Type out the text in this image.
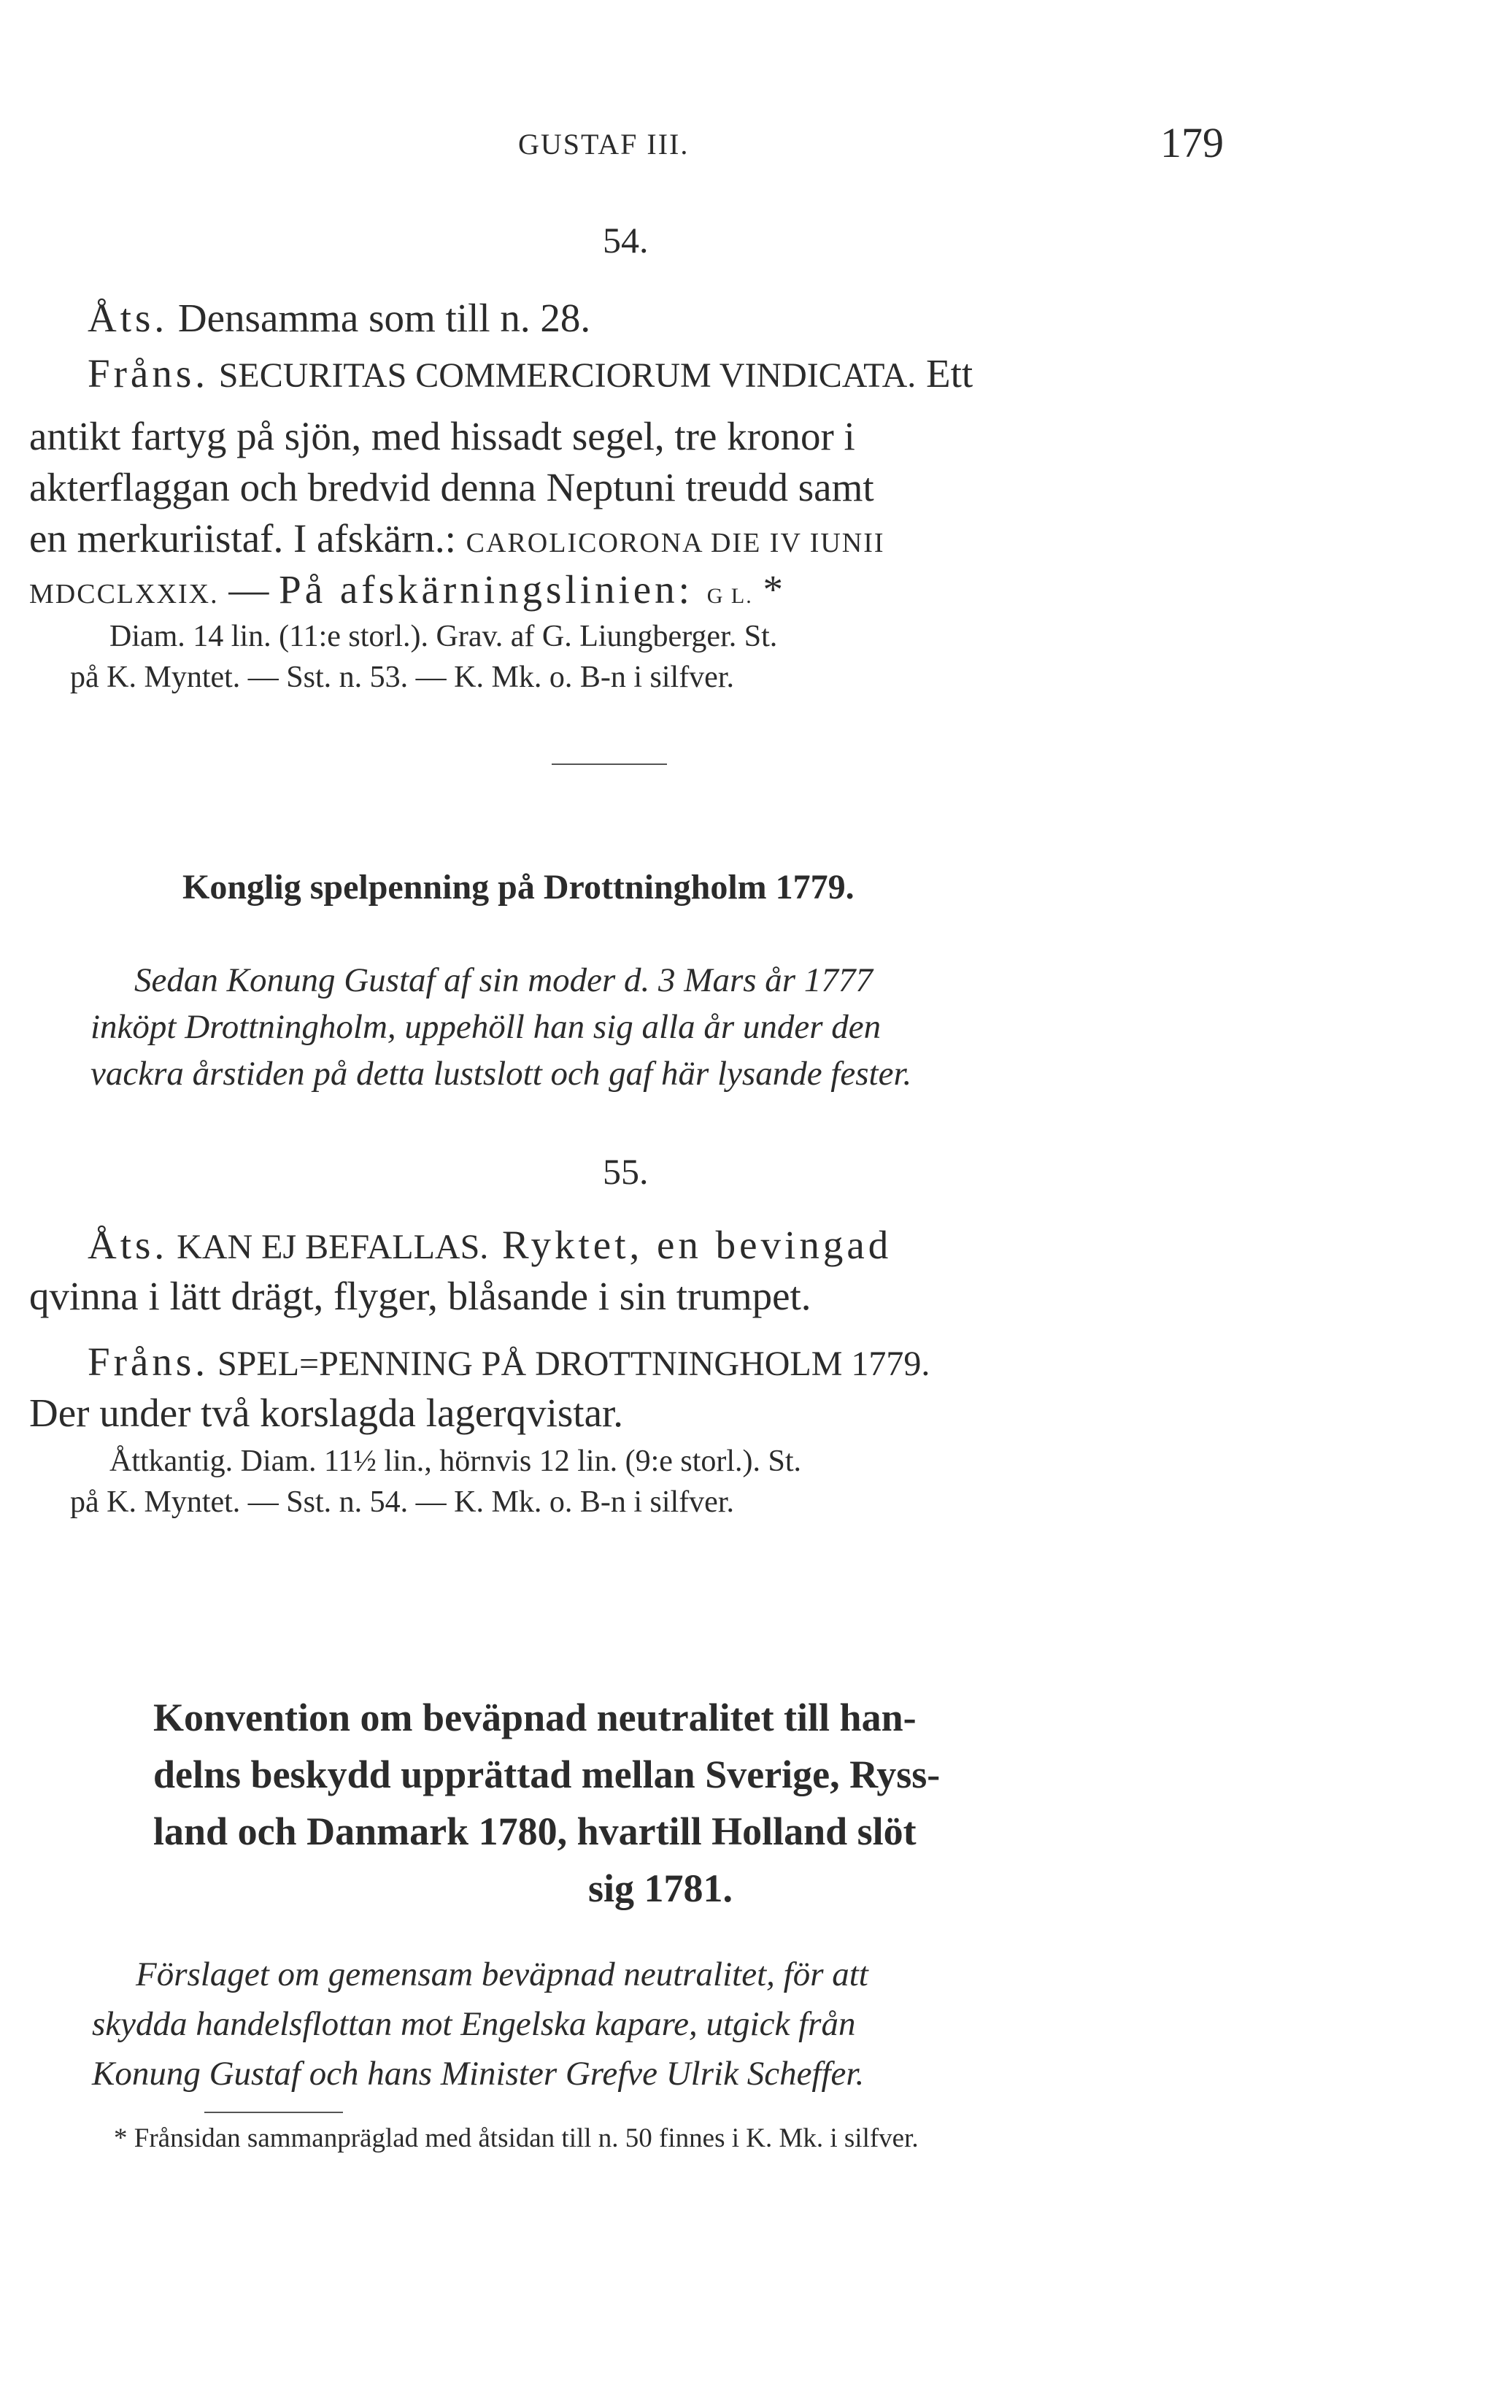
GUSTAF III.	179
54.
Åts. Densamma som till n. 28.
Fråns. SECURITAS COMMERCIORUM VINDICATA. Ett
antikt fartyg på sjön, med hissadt segel, tre kronor i
akterflaggan och bredvid denna Neptuni treudd samt
en merkuriistaf. I afskärn.: CAROLICORONA DIE IV IUNII
MDCCLXXIX. — På afskärningslinien: G L. *
Diam. 14 lin. (11:e storl.). Grav. af G. Liungberger. St.
på K. Myntet. — Sst. n. 53. — K. Mk. o. B-n i silfver.
Konglig spelpenning på Drottningholm 1779.
Sedan Konung Gustaf af sin moder d. 3 Mars år 1777
inköpt Drottningholm, uppehöll han sig alla år under den
vackra årstiden på detta lustslott och gaf här lysande fester.
55.
Åts. KAN EJ BEFALLAS. Ryktet, en bevingad
qvinna i lätt drägt, flyger, blåsande i sin trumpet.
Fråns. SPEL=PENNING PÅ DROTTNINGHOLM 1779.
Der under två korslagda lagerqvistar.
Åttkantig. Diam. 11½ lin., hörnvis 12 lin. (9:e storl.). St.
på K. Myntet. — Sst. n. 54. — K. Mk. o. B-n i silfver.
Konvention om beväpnad neutralitet till han-
delns beskydd upprättad mellan Sverige, Ryss-
land och Danmark 1780, hvartill Holland slöt
sig 1781.
Förslaget om gemensam beväpnad neutralitet, för att
skydda handelsflottan mot Engelska kapare, utgick från
Konung Gustaf och hans Minister Grefve Ulrik Scheffer.
* Frånsidan sammanpräglad med åtsidan till n. 50 finnes i K. Mk. i silfver.
